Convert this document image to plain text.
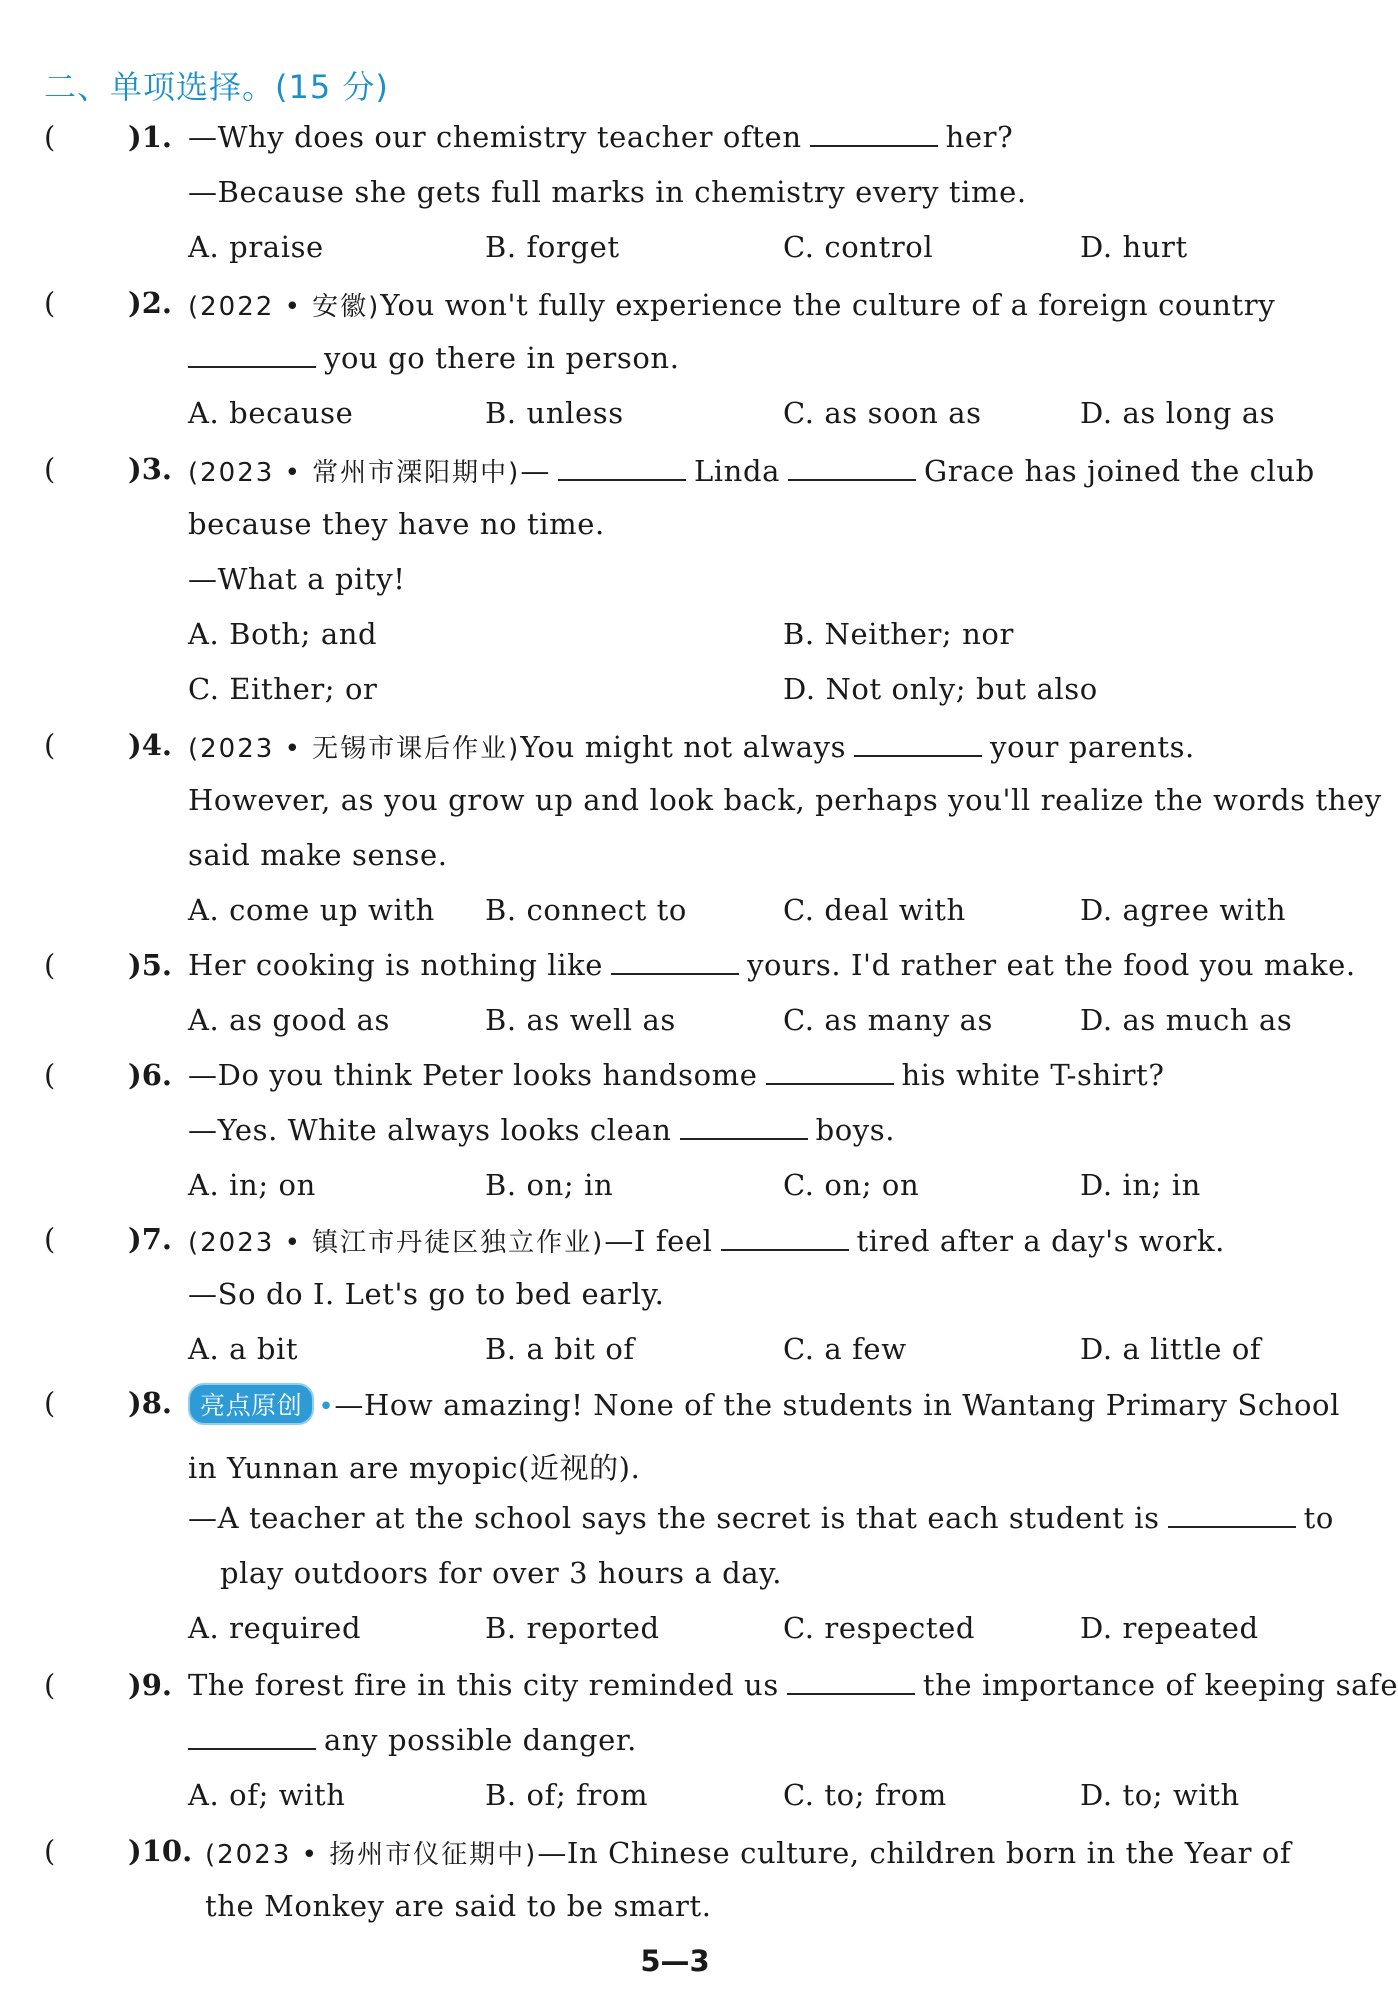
二、单项选择。(15 分)
(	)1. —Why does our chemistry teacher often	her?
—Because she gets full marks in chemistry every time.
A. praise	B. forget	C. control	D. hurt
(	)2. (2022 • 安徽)You won't fully experience the culture of a foreign country
you go there in person.
A. because	B. unless	C. as soon as	D. as long as
(	)3. (2023 • 常州市溧阳期中)—	Linda	Grace has joined the club
because they have no time.
—What a pity!
A. Both; and	B. Neither; nor
C. Either; or	D. Not only; but also
(	)4. (2023 • 无锡市课后作业)You might not always	your parents.
However, as you grow up and look back, perhaps you'll realize the words they
said make sense.
A. come up with B. connect to	C. deal with	D. agree with
(	)5. Her cooking is nothing like	yours. I'd rather eat the food you make.
A. as good as	B. as well as	C. as many as	D. as much as
(	)6. —Do you think Peter looks handsome	his white T-shirt?
—Yes. White always looks clean	boys.
A. in; on	B. on; in	C. on; on	D. in; in
(	)7. (2023 • 镇江市丹徒区独立作业)—I feel	tired after a day's work.
—So do I. Let's go to bed early.
A. a bit	B. a bit of	C. a few	D. a little of
(	)8.	亮点原创 •—How amazing! None of the students in Wantang Primary School
in Yunnan are myopic(近视的).
—A teacher at the school says the secret is that each student is	to
play outdoors for over 3 hours a day.
A. required	B. reported	C. respected	D. repeated
(	)9. The forest fire in this city reminded us	the importance of keeping safe
any possible danger.
A. of; with	B. of; from	C. to; from	D. to; with
(	)10. (2023 • 扬州市仪征期中)—In Chinese culture, children born in the Year of
the Monkey are said to be smart.
5—3
